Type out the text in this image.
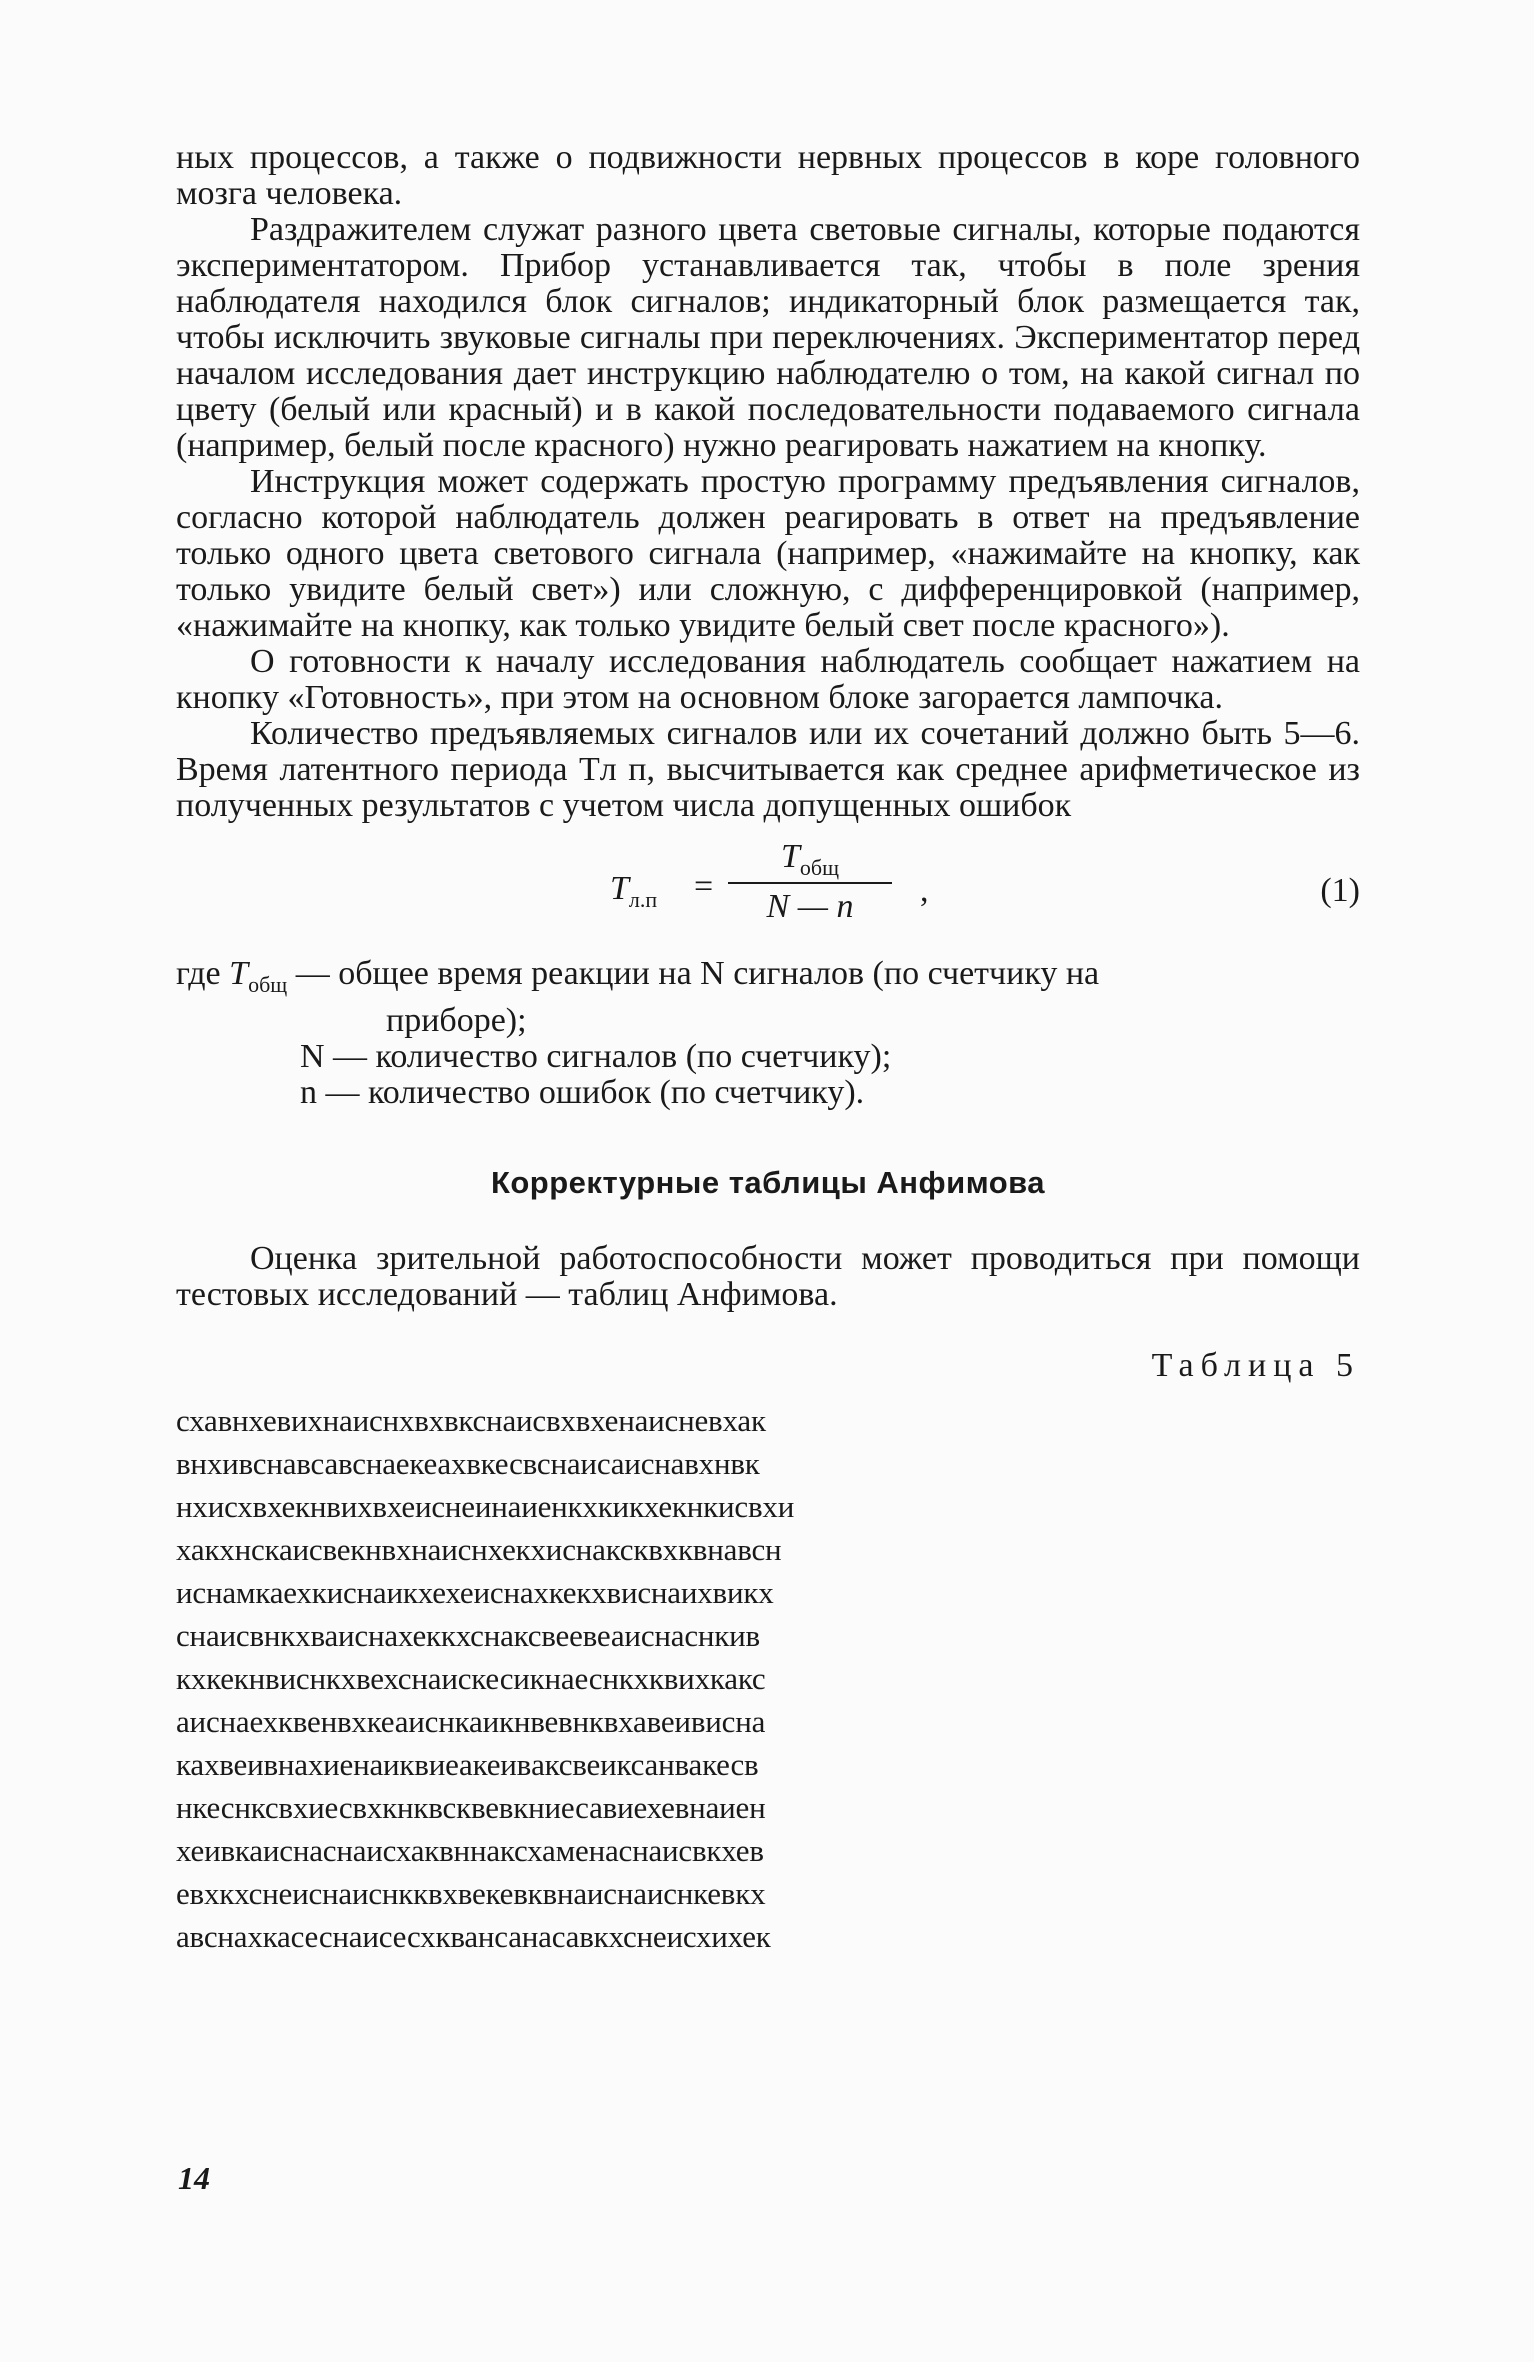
ных процессов, а также о подвижности нервных процессов в коре головного мозга человека.

Раздражителем служат разного цвета световые сигналы, которые подаются экспериментатором. Прибор устанавливается так, чтобы в поле зрения наблюдателя находился блок сигналов; индикаторный блок размещается так, чтобы исключить звуковые сигналы при переключениях. Экспериментатор перед началом исследования дает инструкцию наблюдателю о том, на какой сигнал по цвету (белый или красный) и в какой последовательности подаваемого сигнала (например, белый после красного) нужно реагировать нажатием на кнопку.

Инструкция может содержать простую программу предъявления сигналов, согласно которой наблюдатель должен реагировать в ответ на предъявление только одного цвета светового сигнала (например, «нажимайте на кнопку, как только увидите белый свет») или сложную, с дифференцировкой (например, «нажимайте на кнопку, как только увидите белый свет после красного»).

О готовности к началу исследования наблюдатель сообщает нажатием на кнопку «Готовность», при этом на основном блоке загорается лампочка.

Количество предъявляемых сигналов или их сочетаний должно быть 5—6. Время латентного периода Tл п, высчитывается как среднее арифметическое из полученных результатов с учетом числа допущенных ошибок

$T_{л.п}$ =
$T_{общ}$
N — n	,	(1)
где $T_{общ}$ — общее время реакции на N сигналов (по счетчику на
приборе);
N — количество сигналов (по счетчику);
n — количество ошибок (по счетчику).
Корректурные таблицы Анфимова

Оценка зрительной работоспособности может проводиться при помощи тестовых исследований — таблиц Анфимова.

Таблица 5
схавнхевихнаиснхвхвкснаисвхвхенаисневхак
внхивснавсавснаекеахвкесвснаисаиснавхнвк
нхисхвхекнвихвхеиснеинаиенкхкикхекнкисвхи
хакхнскаисвекнвхнаиснхекхиснаксквхквнавсн
иснамкаехкиснаикхехеиснахкекхвиснаихвикх
снаисвнкхваиснахеккхснаксвеевеаиснаснкив
кхкекнвиснкхвехснаискесикнаеснкхквихкакс
аиснаехквенвхкеаиснкаикнвевнквхавеивисна
кахвеивнахиенаиквиеакеивaксвеиксанвакесв
нкеснксвхиесвхкнквсквевкниесавиехевнаиен
хеивкаиснаснаисхаквннаксхаменаснаисвкхев
евхкхснеиснаиснкквхвекевквнаиснаиснкевкх
авснахкасеснаисесхквансанасавкхснеисхихек
14
